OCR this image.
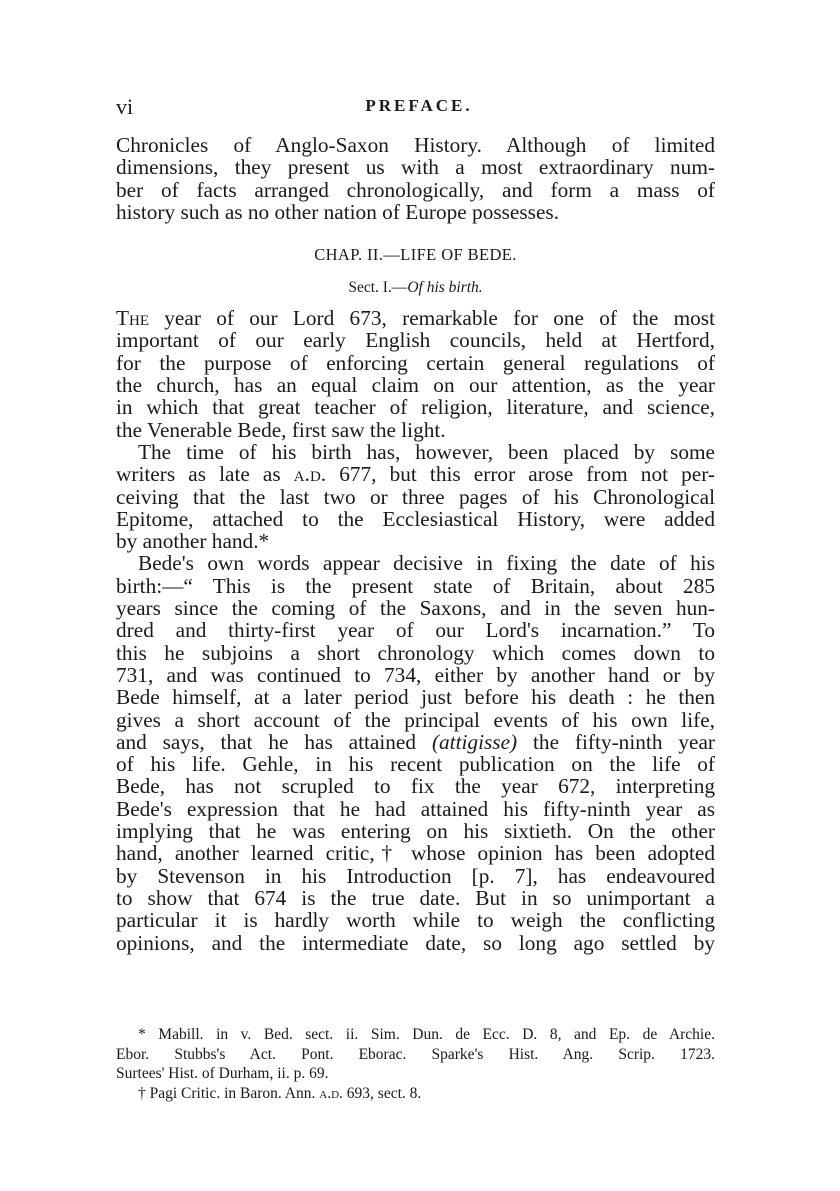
vi	PREFACE.

Chronicles of Anglo-Saxon History. Although of limited
dimensions, they present us with a most extraordinary num-
ber of facts arranged chronologically, and form a mass of
history such as no other nation of Europe possesses.

CHAP. II.—LIFE OF BEDE.
Sect. I.—Of his birth.

The year of our Lord 673, remarkable for one of the most
important of our early English councils, held at Hertford,
for the purpose of enforcing certain general regulations of
the church, has an equal claim on our attention, as the year
in which that great teacher of religion, literature, and science,
the Venerable Bede, first saw the light.

The time of his birth has, however, been placed by some
writers as late as a.d. 677, but this error arose from not per-
ceiving that the last two or three pages of his Chronological
Epitome, attached to the Ecclesiastical History, were added
by another hand.*

Bede's own words appear decisive in fixing the date of his
birth:—“ This is the present state of Britain, about 285
years since the coming of the Saxons, and in the seven hun-
dred and thirty-first year of our Lord's incarnation.” To
this he subjoins a short chronology which comes down to
731, and was continued to 734, either by another hand or by
Bede himself, at a later period just before his death : he then
gives a short account of the principal events of his own life,
and says, that he has attained (attigisse) the fifty-ninth year
of his life. Gehle, in his recent publication on the life of
Bede, has not scrupled to fix the year 672, interpreting
Bede's expression that he had attained his fifty-ninth year as
implying that he was entering on his sixtieth. On the other
hand, another learned critic,† whose opinion has been adopted
by Stevenson in his Introduction [p. 7], has endeavoured
to show that 674 is the true date. But in so unimportant a
particular it is hardly worth while to weigh the conflicting
opinions, and the intermediate date, so long ago settled by

* Mabill. in v. Bed. sect. ii. Sim. Dun. de Ecc. D. 8, and Ep. de Archie.
Ebor. Stubbs's Act. Pont. Eborac. Sparke's Hist. Ang. Scrip. 1723.
Surtees' Hist. of Durham, ii. p. 69.
† Pagi Critic. in Baron. Ann. a.d. 693, sect. 8.
